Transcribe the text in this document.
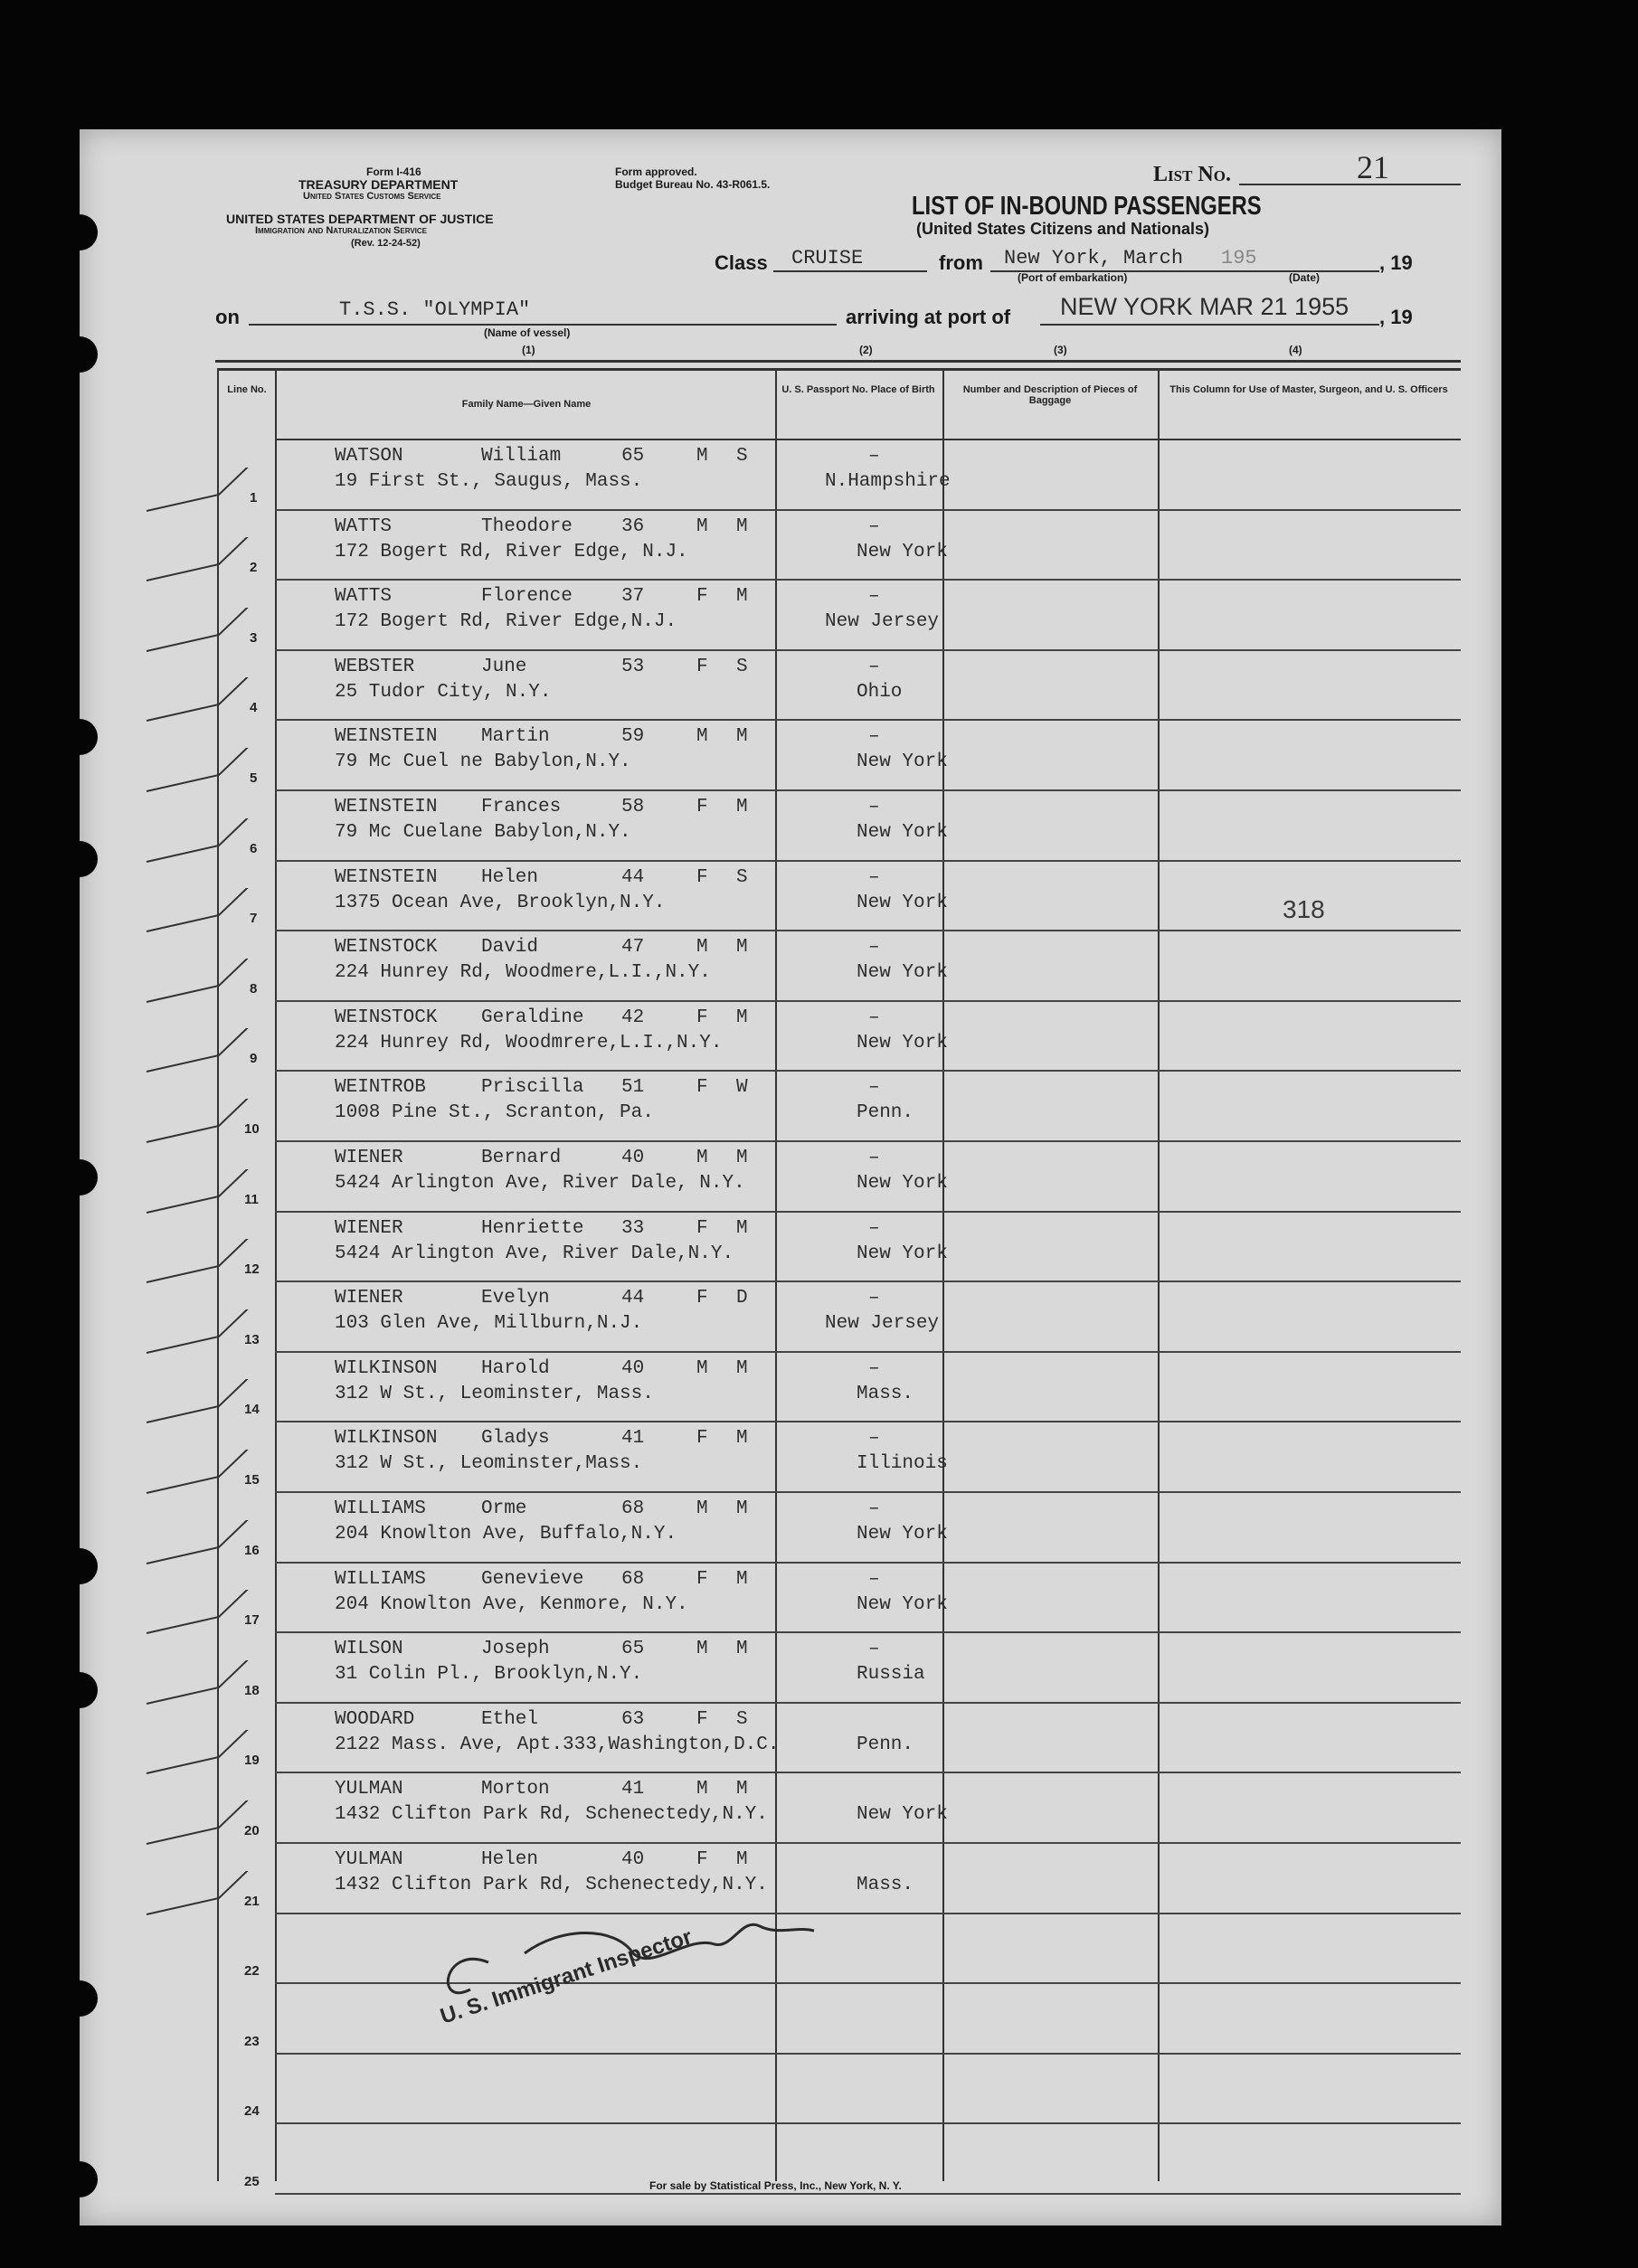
Form I-416
TREASURY DEPARTMENT
United States Customs Service
UNITED STATES DEPARTMENT OF JUSTICE
Immigration and Naturalization Service
(Rev. 12-24-52)
Form approved.
Budget Bureau No. 43-R061.5.	List No.	21
LIST OF IN-BOUND PASSENGERS
(United States Citizens and Nationals)
Class CRUISE	from New York, March 195
(Port of embarkation)	(Date)
, 19
on	T.S.S. "OLYMPIA"
(Name of vessel)
(1)
arriving at port of NEW YORK MAR 21 1955 , 19
(2)	(3)	(4)
Line No.
Family Name—Given Name
U. S. Passport No. Place of Birth	Number and Description of Pieces of Baggage
This Column for Use of Master, Surgeon, and U. S. Officers
1
WATSON	William	65	M S
19 First St., Saugus, Mass.
–
N.Hampshire
2
WATTS	Theodore	36	M M
172 Bogert Rd, River Edge, N.J.
–
New York
3
WATTS	Florence	37	F M
172 Bogert Rd, River Edge,N.J.
–
New Jersey
4
WEBSTER	June	53	F S
25 Tudor City, N.Y.
–
Ohio
5
WEINSTEIN Martin	59	M M
79 Mc Cuel ne Babylon,N.Y.
–
New York
6
WEINSTEIN Frances	58	F M
79 Mc Cuelane Babylon,N.Y.
–
New York
7
WEINSTEIN Helen	44	F S
1375 Ocean Ave, Brooklyn,N.Y.
–
New York
8
WEINSTOCK David	47	M M
224 Hunrey Rd, Woodmere,L.I.,N.Y.
–
New York
9
WEINSTOCK Geraldine 42	F M
224 Hunrey Rd, Woodmrere,L.I.,N.Y.
–
New York
10
WEINTROB	Priscilla 51	F W
1008 Pine St., Scranton, Pa.
–
Penn.
11
WIENER	Bernard	40	M M
5424 Arlington Ave, River Dale, N.Y.
–
New York
12
WIENER	Henriette 33	F M
5424 Arlington Ave, River Dale,N.Y.
–
New York
13
WIENER	Evelyn	44	F D
103 Glen Ave, Millburn,N.J.
–
New Jersey
14
WILKINSON Harold	40	M M
312 W St., Leominster, Mass.
–
Mass.
15
WILKINSON Gladys	41	F M
312 W St., Leominster,Mass.
–
Illinois
16
WILLIAMS	Orme	68	M M
204 Knowlton Ave, Buffalo,N.Y.
–
New York
17
WILLIAMS	Genevieve 68	F M
204 Knowlton Ave, Kenmore, N.Y.
–
New York
18
WILSON	Joseph	65	M M
31 Colin Pl., Brooklyn,N.Y.
–
Russia
19
WOODARD	Ethel	63	F S
2122 Mass. Ave, Apt.333,Washington,D.C.	Penn.
20
YULMAN	Morton	41	M M
1432 Clifton Park Rd, Schenectedy,N.Y.	New York
21
YULMAN	Helen	40	F M
1432 Clifton Park Rd, Schenectedy,N.Y.	Mass.
22
23
24
25
318
U. S. Immigrant Inspector
For sale by Statistical Press, Inc., New York, N. Y.
